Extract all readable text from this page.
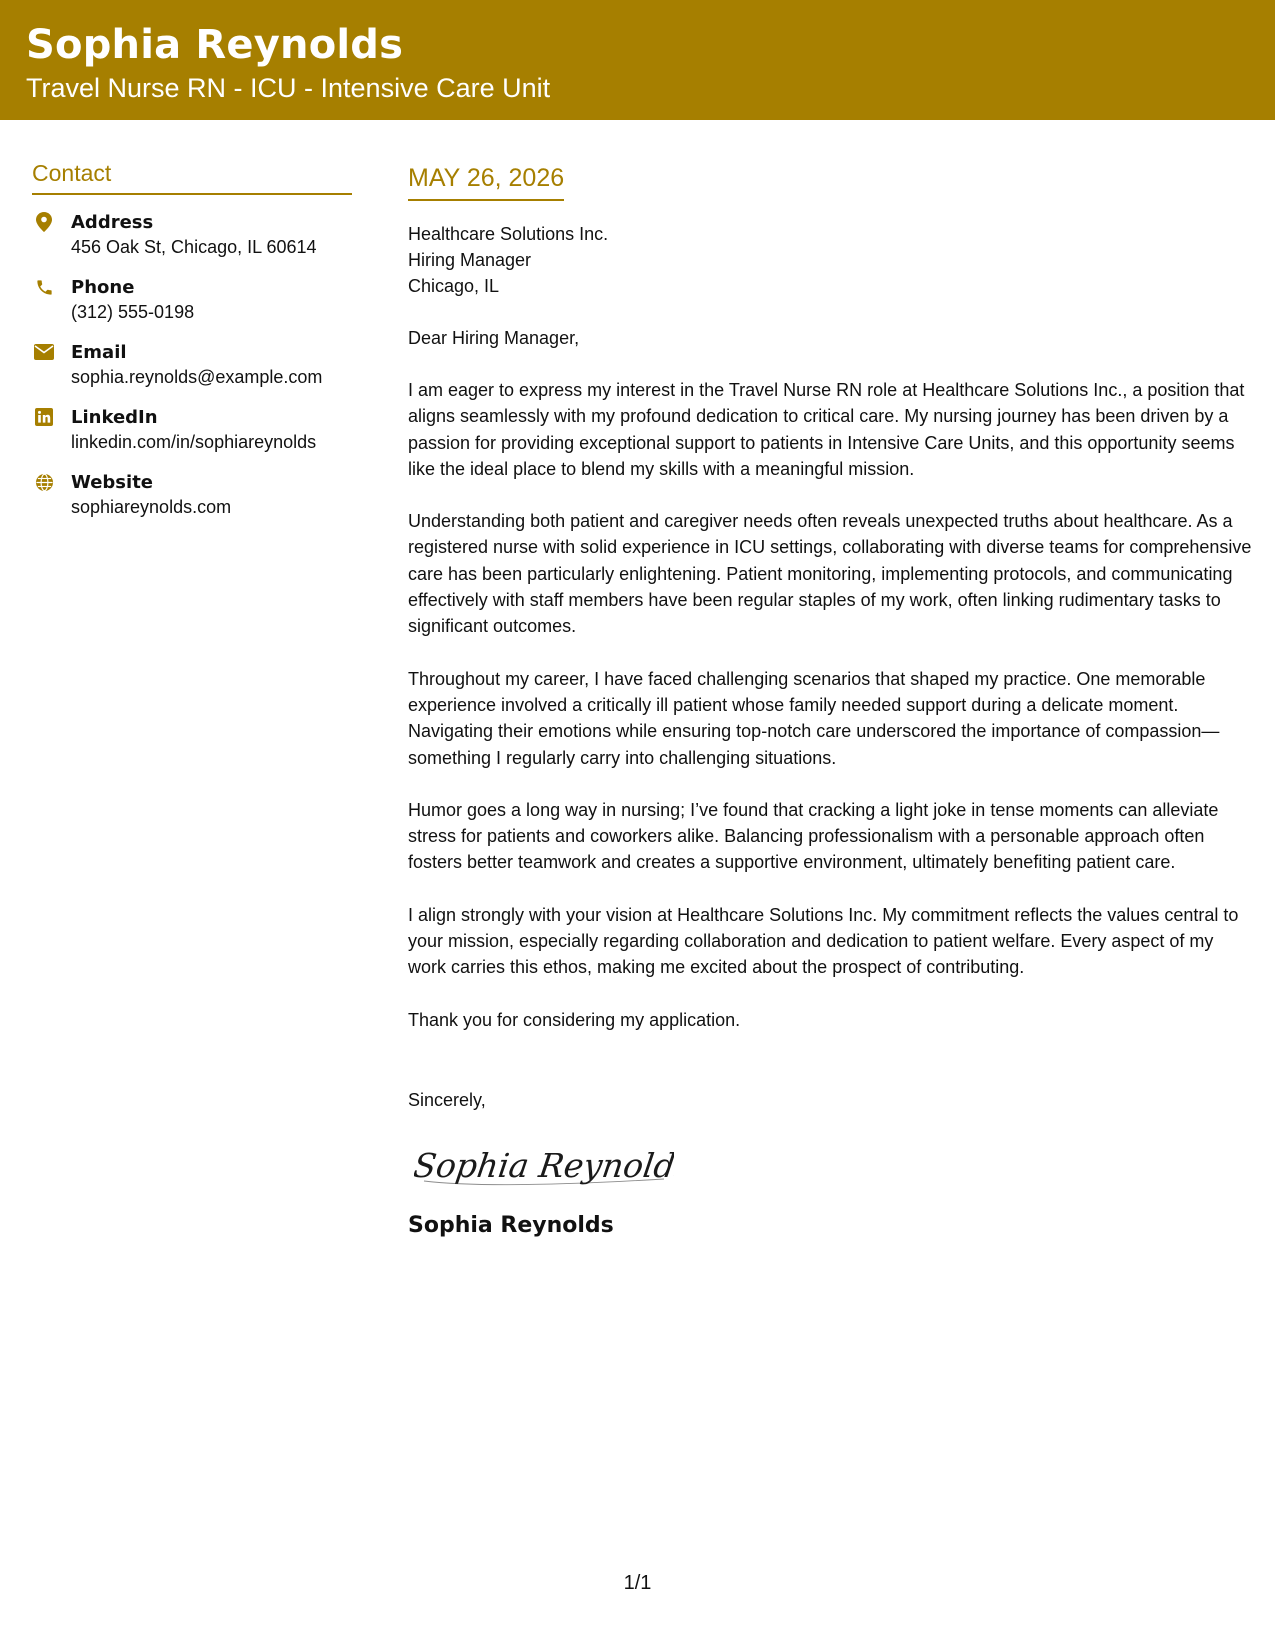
Sophia Reynolds
Travel Nurse RN - ICU - Intensive Care Unit
Contact
Address
456 Oak St, Chicago, IL 60614
Phone
(312) 555-0198
Email
sophia.reynolds@example.com
LinkedIn
linkedin.com/in/sophiareynolds
Website
sophiareynolds.com
MAY 26, 2026
Healthcare Solutions Inc.
Hiring Manager
Chicago, IL
Dear Hiring Manager,
I am eager to express my interest in the Travel Nurse RN role at Healthcare Solutions Inc., a position that aligns seamlessly with my profound dedication to critical care. My nursing journey has been driven by a passion for providing exceptional support to patients in Intensive Care Units, and this opportunity seems like the ideal place to blend my skills with a meaningful mission.
Understanding both patient and caregiver needs often reveals unexpected truths about healthcare. As a registered nurse with solid experience in ICU settings, collaborating with diverse teams for comprehensive care has been particularly enlightening. Patient monitoring, implementing protocols, and communicating effectively with staff members have been regular staples of my work, often linking rudimentary tasks to significant outcomes.
Throughout my career, I have faced challenging scenarios that shaped my practice. One memorable experience involved a critically ill patient whose family needed support during a delicate moment. Navigating their emotions while ensuring top-notch care underscored the importance of compassion—something I regularly carry into challenging situations.
Humor goes a long way in nursing; I’ve found that cracking a light joke in tense moments can alleviate stress for patients and coworkers alike. Balancing professionalism with a personable approach often fosters better teamwork and creates a supportive environment, ultimately benefiting patient care.
I align strongly with your vision at Healthcare Solutions Inc. My commitment reflects the values central to your mission, especially regarding collaboration and dedication to patient welfare. Every aspect of my work carries this ethos, making me excited about the prospect of contributing.
Thank you for considering my application.
Sincerely,
Sophia Reynolds
Sophia Reynolds
1/1
